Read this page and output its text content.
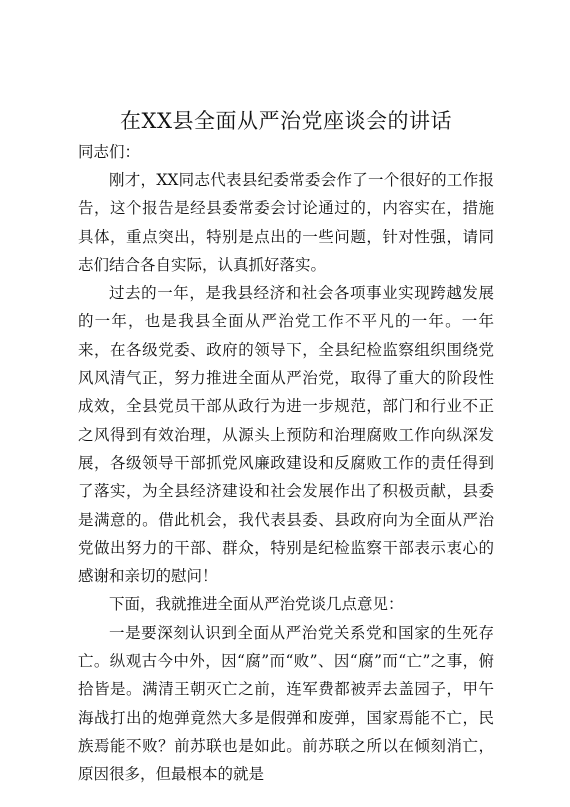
在XX县全面从严治党座谈会的讲话

同志们：

刚才，XX同志代表县纪委常委会作了一个很好的工作报告，这个报告是经县委常委会讨论通过的，内容实在，措施具体，重点突出，特别是点出的一些问题，针对性强，请同志们结合各自实际，认真抓好落实。

过去的一年，是我县经济和社会各项事业实现跨越发展的一年，也是我县全面从严治党工作不平凡的一年。一年来，在各级党委、政府的领导下，全县纪检监察组织围绕党风风清气正，努力推进全面从严治党，取得了重大的阶段性成效，全县党员干部从政行为进一步规范，部门和行业不正之风得到有效治理，从源头上预防和治理腐败工作向纵深发展，各级领导干部抓党风廉政建设和反腐败工作的责任得到了落实，为全县经济建设和社会发展作出了积极贡献，县委是满意的。借此机会，我代表县委、县政府向为全面从严治党做出努力的干部、群众，特别是纪检监察干部表示衷心的感谢和亲切的慰问！

下面，我就推进全面从严治党谈几点意见：

一是要深刻认识到全面从严治党关系党和国家的生死存亡。纵观古今中外，因“腐”而“败”、因“腐”而“亡”之事，俯拾皆是。满清王朝灭亡之前，连军费都被弄去盖园子，甲午海战打出的炮弹竟然大多是假弹和废弹，国家焉能不亡，民族焉能不败？前苏联也是如此。前苏联之所以在倾刻消亡，原因很多，但最根本的就是
